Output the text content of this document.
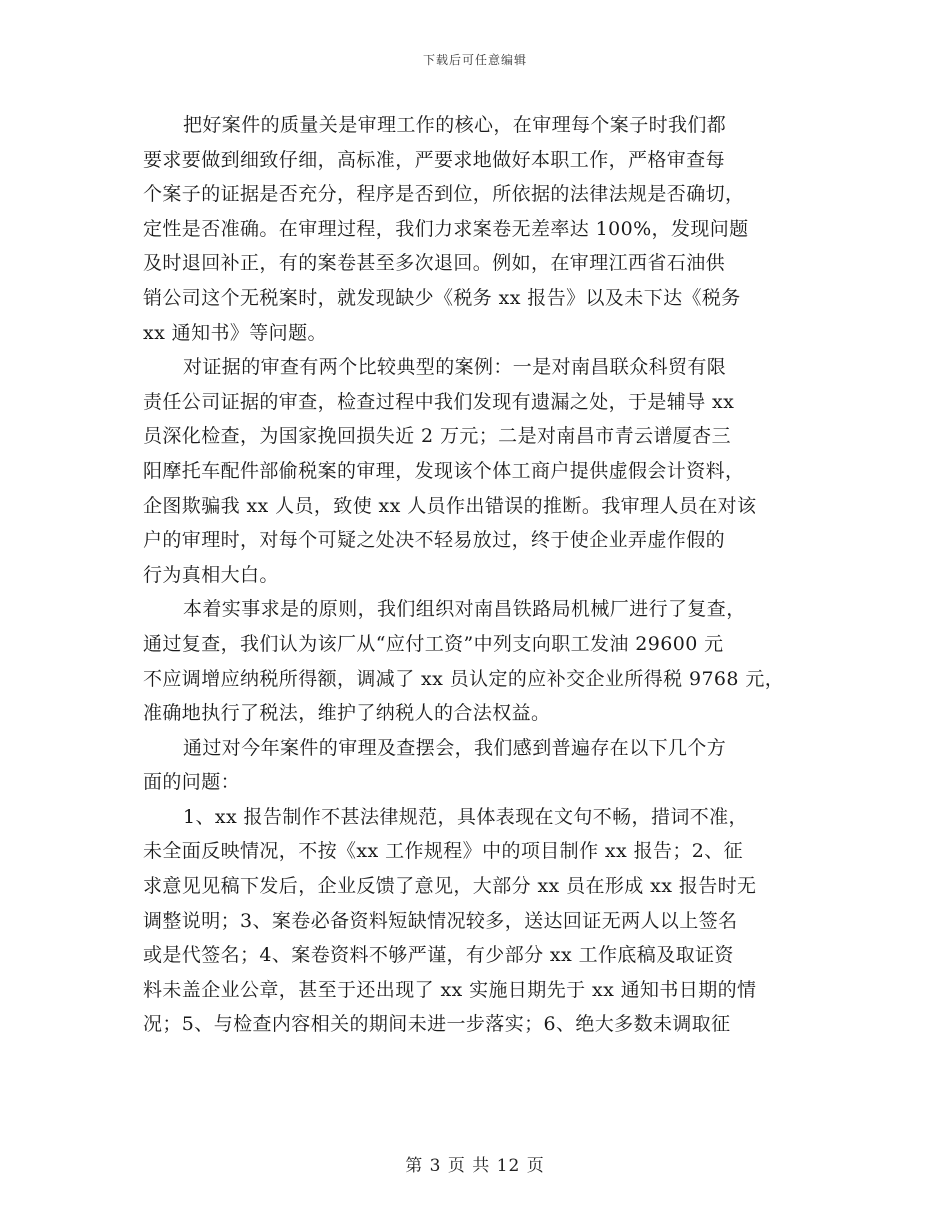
下载后可任意编辑
把好案件的质量关是审理工作的核心，在审理每个案子时我们都
要求要做到细致仔细，高标准，严要求地做好本职工作，严格审查每
个案子的证据是否充分，程序是否到位，所依据的法律法规是否确切，
定性是否准确。在审理过程，我们力求案卷无差率达 100%，发现问题
及时退回补正，有的案卷甚至多次退回。例如，在审理江西省石油供
销公司这个无税案时，就发现缺少《税务 xx 报告》以及未下达《税务
xx 通知书》等问题。
对证据的审查有两个比较典型的案例：一是对南昌联众科贸有限
责任公司证据的审查，检查过程中我们发现有遗漏之处，于是辅导 xx
员深化检查，为国家挽回损失近 2 万元；二是对南昌市青云谱厦杏三
阳摩托车配件部偷税案的审理，发现该个体工商户提供虚假会计资料，
企图欺骗我 xx 人员，致使 xx 人员作出错误的推断。我审理人员在对该
户的审理时，对每个可疑之处决不轻易放过，终于使企业弄虚作假的
行为真相大白。
本着实事求是的原则，我们组织对南昌铁路局机械厂进行了复查，
通过复查，我们认为该厂从“应付工资”中列支向职工发油 29600 元
不应调增应纳税所得额，调减了 xx 员认定的应补交企业所得税 9768 元，
准确地执行了税法，维护了纳税人的合法权益。
通过对今年案件的审理及查摆会，我们感到普遍存在以下几个方
面的问题：
1、xx 报告制作不甚法律规范，具体表现在文句不畅，措词不准，
未全面反映情况，不按《xx 工作规程》中的项目制作 xx 报告；2、征
求意见见稿下发后，企业反馈了意见，大部分 xx 员在形成 xx 报告时无
调整说明；3、案卷必备资料短缺情况较多，送达回证无两人以上签名
或是代签名；4、案卷资料不够严谨，有少部分 xx 工作底稿及取证资
料未盖企业公章，甚至于还出现了 xx 实施日期先于 xx 通知书日期的情
况；5、与检查内容相关的期间未进一步落实；6、绝大多数未调取征
第 3 页 共 12 页
